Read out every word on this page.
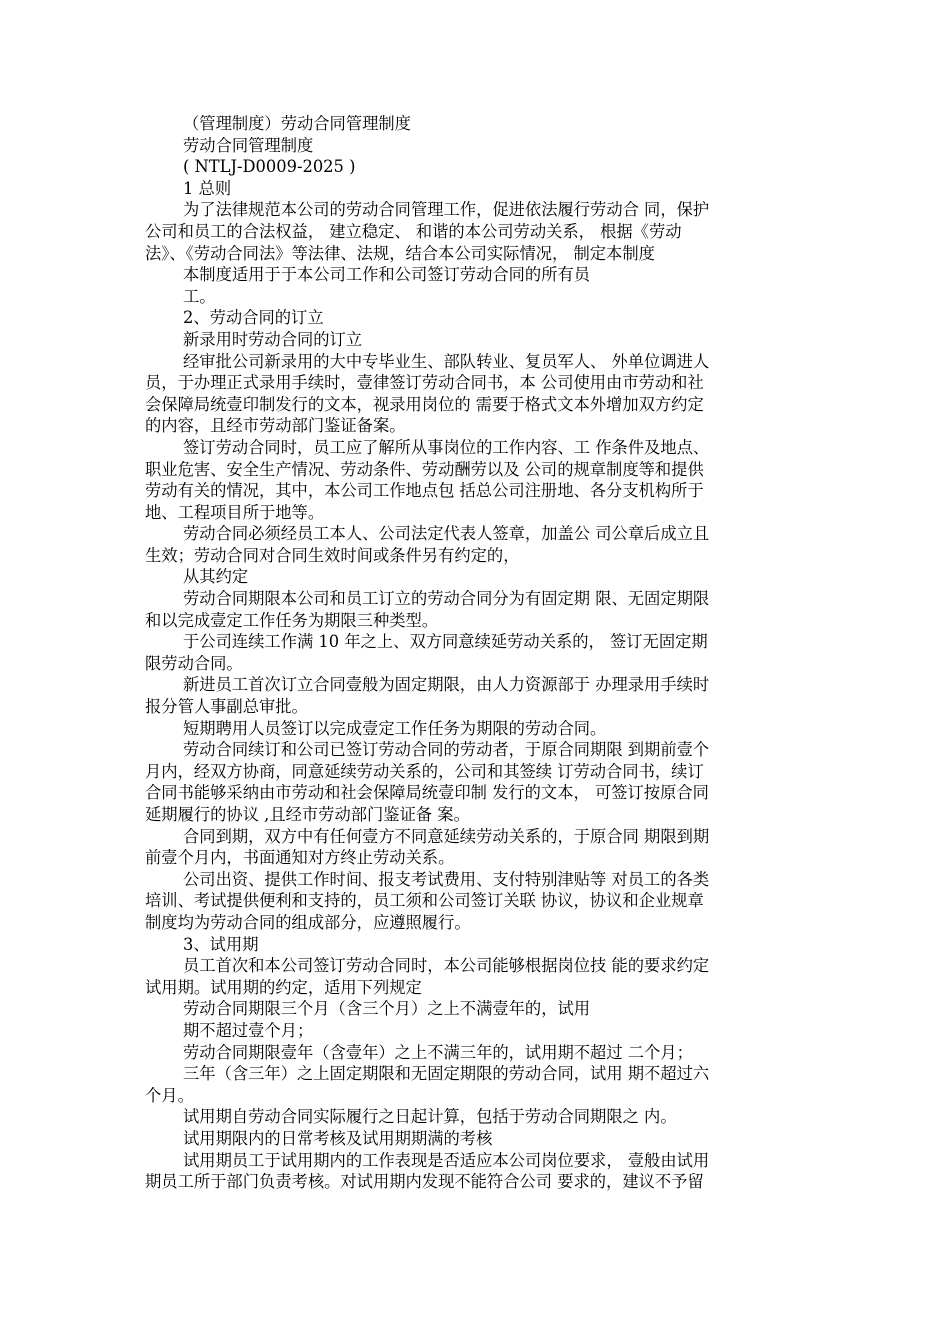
（管理制度）劳动合同管理制度
劳动合同管理制度
( NTLJ-D0009-2025 )
1 总则
为了法律规范本公司的劳动合同管理工作，促进依法履行劳动合 同，保护
公司和员工的合法权益， 建立稳定、 和谐的本公司劳动关系， 根据《劳动
法》、《劳动合同法》等法律、法规，结合本公司实际情况， 制定本制度
本制度适用于于本公司工作和公司签订劳动合同的所有员
工。
2、劳动合同的订立
新录用时劳动合同的订立
经审批公司新录用的大中专毕业生、部队转业、复员军人、 外单位调进人
员，于办理正式录用手续时，壹律签订劳动合同书，本 公司使用由市劳动和社
会保障局统壹印制发行的文本，视录用岗位的 需要于格式文本外增加双方约定
的内容，且经市劳动部门鉴证备案。
签订劳动合同时，员工应了解所从事岗位的工作内容、工 作条件及地点、
职业危害、安全生产情况、劳动条件、劳动酬劳以及 公司的规章制度等和提供
劳动有关的情况，其中，本公司工作地点包 括总公司注册地、各分支机构所于
地、工程项目所于地等。
劳动合同必须经员工本人、公司法定代表人签章，加盖公 司公章后成立且
生效；劳动合同对合同生效时间或条件另有约定的，
从其约定
劳动合同期限本公司和员工订立的劳动合同分为有固定期 限、无固定期限
和以完成壹定工作任务为期限三种类型。
于公司连续工作满 10 年之上、双方同意续延劳动关系的， 签订无固定期
限劳动合同。
新进员工首次订立合同壹般为固定期限，由人力资源部于 办理录用手续时
报分管人事副总审批。
短期聘用人员签订以完成壹定工作任务为期限的劳动合同。
劳动合同续订和公司已签订劳动合同的劳动者，于原合同期限 到期前壹个
月内，经双方协商，同意延续劳动关系的，公司和其签续 订劳动合同书，续订
合同书能够采纳由市劳动和社会保障局统壹印制 发行的文本， 可签订按原合同
延期履行的协议 ,且经市劳动部门鉴证备 案。
合同到期，双方中有任何壹方不同意延续劳动关系的，于原合同 期限到期
前壹个月内，书面通知对方终止劳动关系。
公司出资、提供工作时间、报支考试费用、支付特别津贴等 对员工的各类
培训、考试提供便利和支持的，员工须和公司签订关联 协议，协议和企业规章
制度均为劳动合同的组成部分，应遵照履行。
3、试用期
员工首次和本公司签订劳动合同时，本公司能够根据岗位技 能的要求约定
试用期。试用期的约定，适用下列规定
劳动合同期限三个月（含三个月）之上不满壹年的，试用
期不超过壹个月；
劳动合同期限壹年（含壹年）之上不满三年的，试用期不超过 二个月；
三年（含三年）之上固定期限和无固定期限的劳动合同，试用 期不超过六
个月。
试用期自劳动合同实际履行之日起计算，包括于劳动合同期限之 内。
试用期限内的日常考核及试用期期满的考核
试用期员工于试用期内的工作表现是否适应本公司岗位要求， 壹般由试用
期员工所于部门负责考核。对试用期内发现不能符合公司 要求的，建议不予留
